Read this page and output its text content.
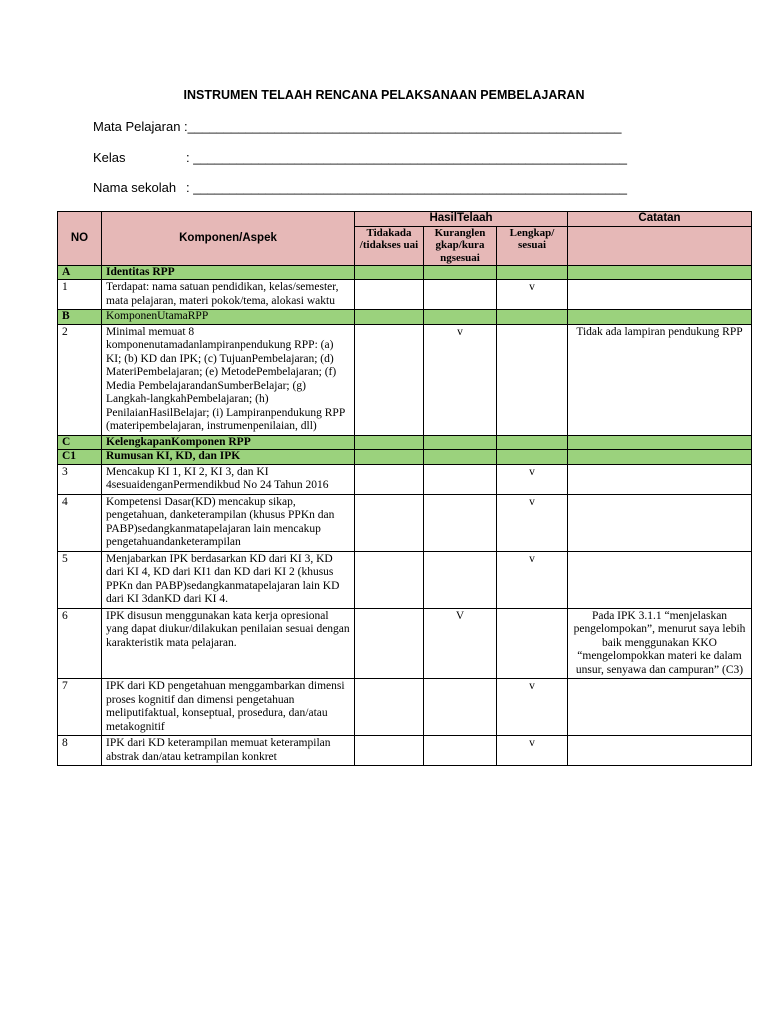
INSTRUMEN TELAAH RENCANA PELAKSANAAN PEMBELAJARAN
Mata Pelajaran :____________________________________________________________
Kelas	: ____________________________________________________________
Nama sekolah : ____________________________________________________________
NO	Komponen/Aspek	HasilTelaah			Catatan
		Tidakada /tidakses uai	Kuranglen gkap/kura ngsesuai	Lengkap/ sesuai	
A	Identitas RPP				
1	Terdapat: nama satuan pendidikan, kelas/semester, mata pelajaran, materi pokok/tema, alokasi waktu			v	
B	KomponenUtamaRPP				
2	Minimal memuat 8 komponenutamadanlampiranpendukung RPP: (a) KI; (b) KD dan IPK; (c) TujuanPembelajaran; (d) MateriPembelajaran; (e) MetodePembelajaran; (f) Media PembelajarandanSumberBelajar; (g) Langkah-langkahPembelajaran; (h) PenilaianHasilBelajar; (i) Lampiranpendukung RPP (materipembelajaran, instrumenpenilaian, dll)		v		Tidak ada lampiran pendukung RPP
C	KelengkapanKomponen RPP				
C1	Rumusan KI, KD, dan IPK				
3	Mencakup KI 1, KI 2, KI 3, dan KI 4sesuaidenganPermendikbud No 24 Tahun 2016			v	
4	Kompetensi Dasar(KD) mencakup sikap, pengetahuan, danketerampilan (khusus PPKn dan PABP)sedangkanmatapelajaran lain mencakup pengetahuandanketerampilan			v	
5	Menjabarkan IPK berdasarkan KD dari KI 3, KD dari KI 4, KD dari KI1 dan KD dari KI 2 (khusus PPKn dan PABP)sedangkanmatapelajaran lain KD dari KI 3danKD dari KI 4.			v	
6	IPK disusun menggunakan kata kerja opresional yang dapat diukur/dilakukan penilaian sesuai dengan karakteristik mata pelajaran.		V		Pada IPK 3.1.1 “menjelaskan pengelompokan”, menurut saya lebih baik menggunakan KKO “mengelompokkan materi ke dalam unsur, senyawa dan campuran” (C3)
7	IPK dari KD pengetahuan menggambarkan dimensi proses kognitif dan dimensi pengetahuan meliputifaktual, konseptual, prosedura, dan/atau metakognitif			v	
8	IPK dari KD keterampilan memuat keterampilan abstrak dan/atau ketrampilan konkret			v	
